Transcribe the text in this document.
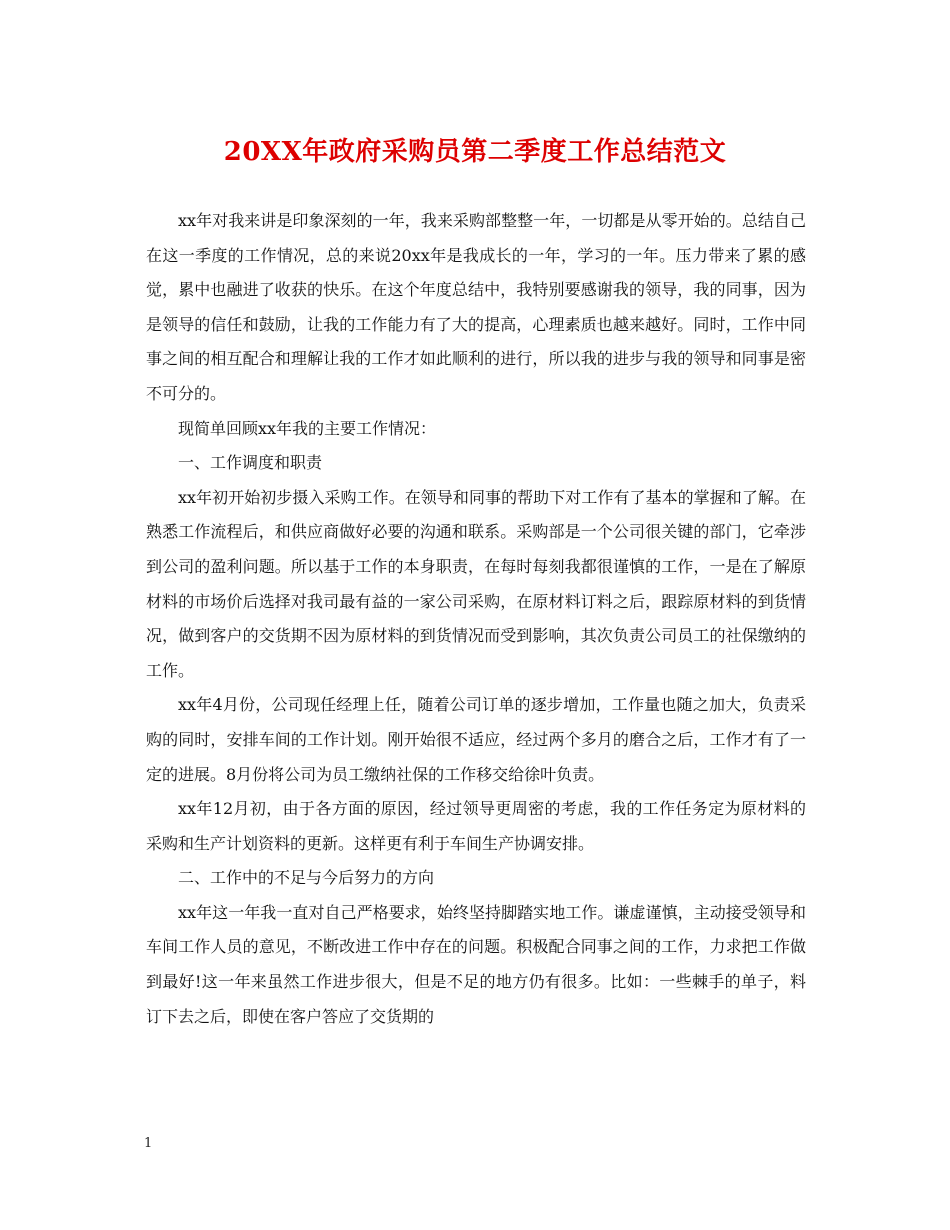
20XX年政府采购员第二季度工作总结范文

xx年对我来讲是印象深刻的一年，我来采购部整整一年，一切都是从零开始的。总结自己在这一季度的工作情况，总的来说20xx年是我成长的一年，学习的一年。压力带来了累的感觉，累中也融进了收获的快乐。在这个年度总结中，我特别要感谢我的领导，我的同事，因为是领导的信任和鼓励，让我的工作能力有了大的提高，心理素质也越来越好。同时，工作中同事之间的相互配合和理解让我的工作才如此顺利的进行，所以我的进步与我的领导和同事是密不可分的。

现简单回顾xx年我的主要工作情况：

一、工作调度和职责

xx年初开始初步摄入采购工作。在领导和同事的帮助下对工作有了基本的掌握和了解。在熟悉工作流程后，和供应商做好必要的沟通和联系。采购部是一个公司很关键的部门，它牵涉到公司的盈利问题。所以基于工作的本身职责，在每时每刻我都很谨慎的工作，一是在了解原材料的市场价后选择对我司最有益的一家公司采购，在原材料订料之后，跟踪原材料的到货情况，做到客户的交货期不因为原材料的到货情况而受到影响，其次负责公司员工的社保缴纳的工作。

xx年4月份，公司现任经理上任，随着公司订单的逐步增加，工作量也随之加大，负责采购的同时，安排车间的工作计划。刚开始很不适应，经过两个多月的磨合之后，工作才有了一定的进展。8月份将公司为员工缴纳社保的工作移交给徐叶负责。

xx年12月初，由于各方面的原因，经过领导更周密的考虑，我的工作任务定为原材料的采购和生产计划资料的更新。这样更有利于车间生产协调安排。

二、工作中的不足与今后努力的方向

xx年这一年我一直对自己严格要求，始终坚持脚踏实地工作。谦虚谨慎，主动接受领导和车间工作人员的意见，不断改进工作中存在的问题。积极配合同事之间的工作，力求把工作做到最好!这一年来虽然工作进步很大，但是不足的地方仍有很多。比如：一些棘手的单子，料订下去之后，即使在客户答应了交货期的

1
